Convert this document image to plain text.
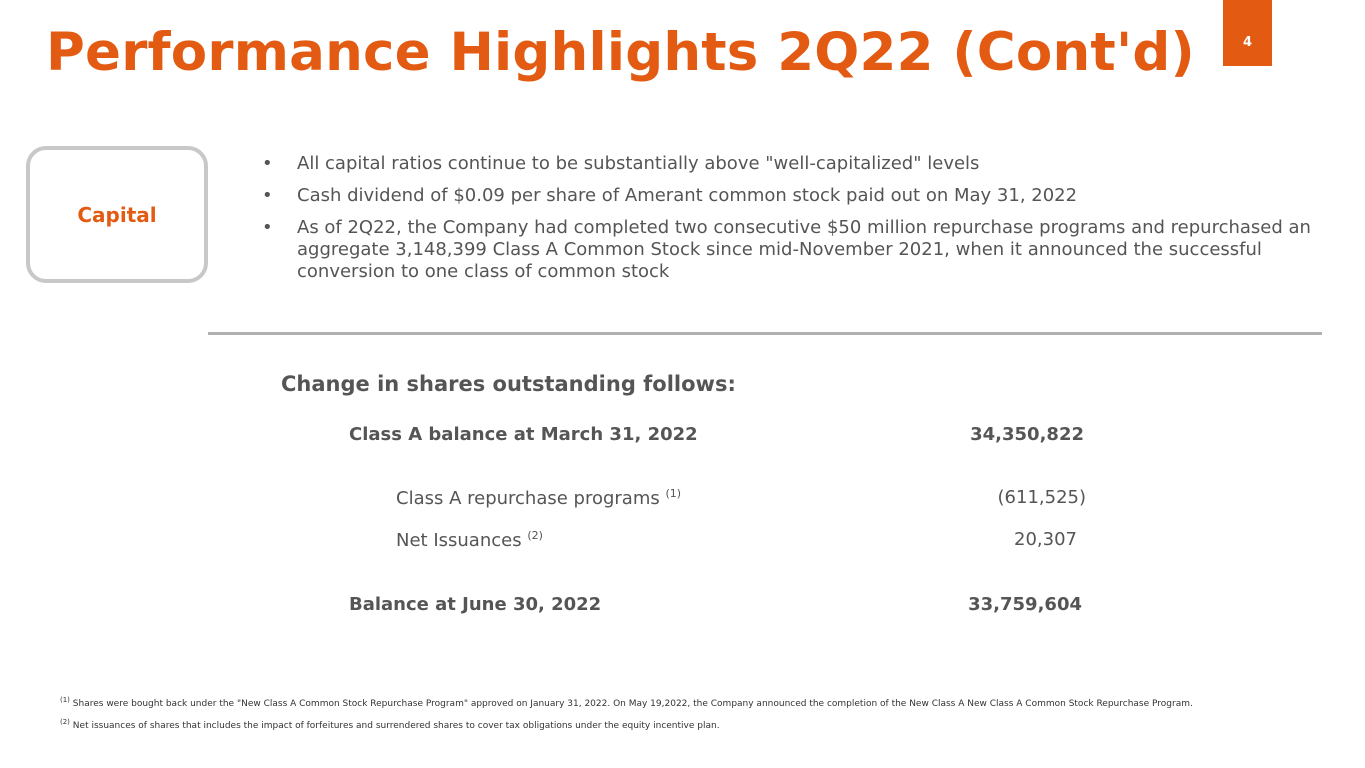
Performance Highlights 2Q22 (Cont'd)	4
Capital
• All capital ratios continue to be substantially above "well-capitalized" levels
• Cash dividend of $0.09 per share of Amerant common stock paid out on May 31, 2022
• As of 2Q22, the Company had completed two consecutive $50 million repurchase programs and repurchased an aggregate 3,148,399 Class A Common Stock since mid-November 2021, when it announced the successful conversion to one class of common stock
Change in shares outstanding follows:
Class A balance at March 31, 2022	34,350,822
Class A repurchase programs $^{(1)}$	(611,525)
Net Issuances $^{(2)}$	20,307
Balance at June 30, 2022	33,759,604
$^{(1)}$ Shares were bought back under the "New Class A Common Stock Repurchase Program" approved on January 31, 2022. On May 19,2022, the Company announced the completion of the New Class A New Class A Common Stock Repurchase Program.
$^{(2)}$ Net issuances of shares that includes the impact of forfeitures and surrendered shares to cover tax obligations under the equity incentive plan.
